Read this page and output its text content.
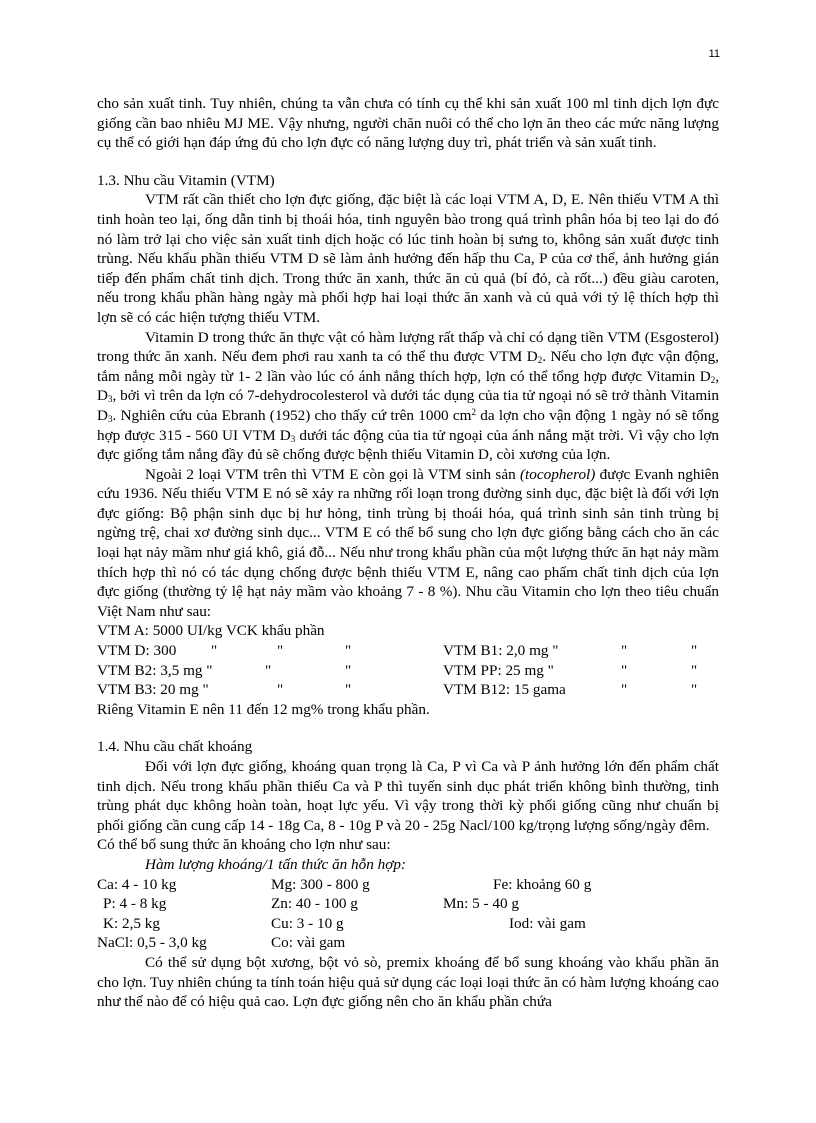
11

cho sản xuất tinh. Tuy nhiên, chúng ta vẫn chưa có tính cụ thể khi sản xuất 100 ml tinh dịch lợn đực giống cần bao nhiêu MJ ME. Vậy nhưng, người chăn nuôi có thể cho lợn ăn theo các mức năng lượng cụ thể có giới hạn đáp ứng đủ cho lợn đực có năng lượng duy trì, phát triển và sản xuất tinh.

1.3. Nhu cầu Vitamin (VTM)

VTM rất cần thiết cho lợn đực giống, đặc biệt là các loại VTM A, D, E. Nên thiếu VTM A thì tinh hoàn teo lại, ống dẫn tinh bị thoái hóa, tinh nguyên bào trong quá trình phân hóa bị teo lại do đó nó làm trở lại cho việc sản xuất tinh dịch hoặc có lúc tinh hoàn bị sưng to, không sản xuất được tinh trùng. Nếu khẩu phần thiếu VTM D sẽ làm ảnh hưởng đến hấp thu Ca, P của cơ thể, ảnh hưởng gián tiếp đến phẩm chất tinh dịch. Trong thức ăn xanh, thức ăn củ quả (bí đỏ, cà rốt...) đều giàu caroten, nếu trong khẩu phần hàng ngày mà phối hợp hai loại thức ăn xanh và củ quả với tỷ lệ thích hợp thì lợn sẽ có các hiện tượng thiếu VTM.

Vitamin D trong thức ăn thực vật có hàm lượng rất thấp và chỉ có dạng tiền VTM (Esgosterol) trong thức ăn xanh. Nếu đem phơi rau xanh ta có thể thu được VTM $D_2$. Nếu cho lợn đực vận động, tắm nắng mỗi ngày từ 1- 2 lần vào lúc có ánh nắng thích hợp, lợn có thể tổng hợp được Vitamin $D_2$, $D_3$, bởi vì trên da lợn có 7-dehydrocolesterol và dưới tác dụng của tia tử ngoại nó sẽ trở thành Vitamin $D_3$. Nghiên cứu của Ebranh (1952) cho thấy cứ trên 1000 $cm^2$ da lợn cho vận động 1 ngày nó sẽ tổng hợp được 315 - 560 UI VTM $D_3$ dưới tác động của tia tử ngoại của ánh nắng mặt trời. Vì vậy cho lợn đực giống tắm nắng đầy đủ sẽ chống được bệnh thiếu Vitamin D, còi xương của lợn.

Ngoài 2 loại VTM trên thì VTM E còn gọi là VTM sinh sản (tocopherol) được Evanh nghiên cứu 1936. Nếu thiếu VTM E nó sẽ xảy ra những rối loạn trong đường sinh dục, đặc biệt là đối với lợn đực giống: Bộ phận sinh dục bị hư hỏng, tinh trùng bị thoái hóa, quá trình sinh sản tinh trùng bị ngừng trệ, chai xơ đường sinh dục... VTM E có thể bổ sung cho lợn đực giống bằng cách cho ăn các loại hạt nảy mầm như giá khô, giá đỗ... Nếu như trong khẩu phần của một lượng thức ăn hạt nảy mầm thích hợp thì nó có tác dụng chống được bệnh thiếu VTM E, nâng cao phẩm chất tinh dịch của lợn đực giống (thường tỷ lệ hạt nảy mầm vào khoảng 7 - 8 %). Nhu cầu Vitamin cho lợn theo tiêu chuẩn Việt Nam như sau:

VTM A: 5000 UI/kg VCK khẩu phần

VTM D: 300 "	"	"	VTM B1: 2,0 mg "	"	"
VTM B2: 3,5 mg "	"	"	VTM PP: 25 mg "	"	"
VTM B3: 20 mg "	"	"	VTM B12: 15 gama	"	"

Riêng Vitamin E nên 11 đến 12 mg% trong khẩu phần.

1.4. Nhu cầu chất khoáng

Đối với lợn đực giống, khoáng quan trọng là Ca, P vì Ca và P ảnh hưởng lớn đến phẩm chất tinh dịch. Nếu trong khẩu phần thiếu Ca và P thì tuyến sinh dục phát triển không bình thường, tinh trùng phát dục không hoàn toàn, hoạt lực yếu. Vì vậy trong thời kỳ phối giống cũng như chuẩn bị phối giống cần cung cấp 14 - 18g Ca, 8 - 10g P và 20 - 25g Nacl/100 kg/trọng lượng sống/ngày đêm.

Có thể bổ sung thức ăn khoáng cho lợn như sau:

Hàm lượng khoáng/1 tấn thức ăn hỗn hợp:

Ca: 4 - 10 kg	Mg: 300 - 800 g	Fe: khoảng 60 g
P: 4 - 8 kg	Zn: 40 - 100 g	Mn: 5 - 40 g
K: 2,5 kg	Cu: 3 - 10 g	Iod: vài gam
NaCl: 0,5 - 3,0 kg	Co: vài gam

Có thể sử dụng bột xương, bột vỏ sò, premix khoáng để bổ sung khoáng vào khẩu phần ăn cho lợn. Tuy nhiên chúng ta tính toán hiệu quả sử dụng các loại loại thức ăn có hàm lượng khoáng cao như thế nào để có hiệu quả cao. Lợn đực giống nên cho ăn khẩu phần chứa
